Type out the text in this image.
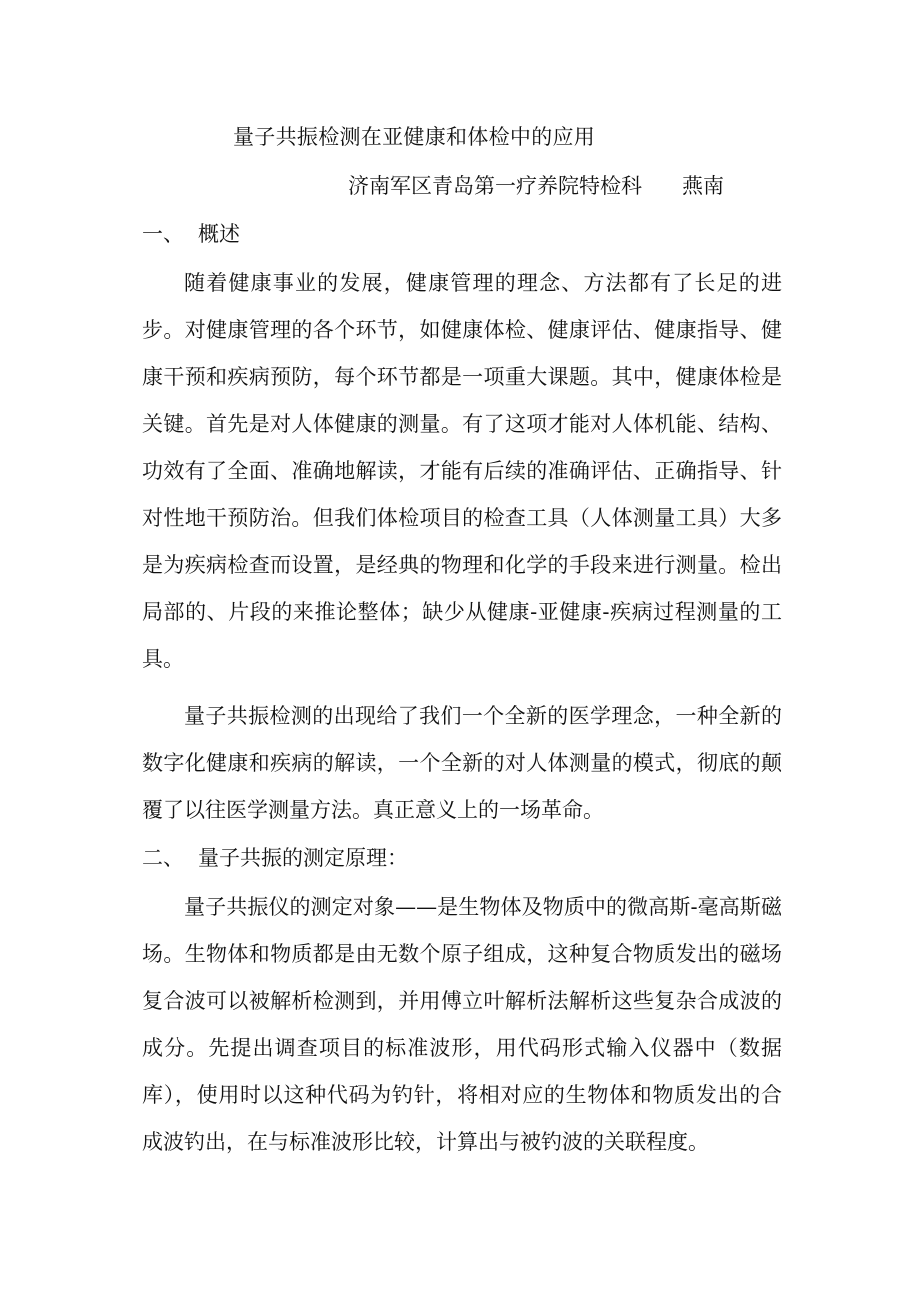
量子共振检测在亚健康和体检中的应用
济南军区青岛第一疗养院特检科 燕南
一、 概述

随着健康事业的发展，健康管理的理念、方法都有了长足的进步。对健康管理的各个环节，如健康体检、健康评估、健康指导、健康干预和疾病预防，每个环节都是一项重大课题。其中，健康体检是关键。首先是对人体健康的测量。有了这项才能对人体机能、结构、功效有了全面、准确地解读，才能有后续的准确评估、正确指导、针对性地干预防治。但我们体检项目的检查工具（人体测量工具）大多是为疾病检查而设置，是经典的物理和化学的手段来进行测量。检出局部的、片段的来推论整体；缺少从健康-亚健康-疾病过程测量的工具。

量子共振检测的出现给了我们一个全新的医学理念，一种全新的数字化健康和疾病的解读，一个全新的对人体测量的模式，彻底的颠覆了以往医学测量方法。真正意义上的一场革命。

二、 量子共振的测定原理：

量子共振仪的测定对象——是生物体及物质中的微高斯-毫高斯磁场。生物体和物质都是由无数个原子组成，这种复合物质发出的磁场复合波可以被解析检测到，并用傅立叶解析法解析这些复杂合成波的成分。先提出调查项目的标准波形，用代码形式输入仪器中（数据库），使用时以这种代码为钓针，将相对应的生物体和物质发出的合成波钓出，在与标准波形比较，计算出与被钓波的关联程度。
